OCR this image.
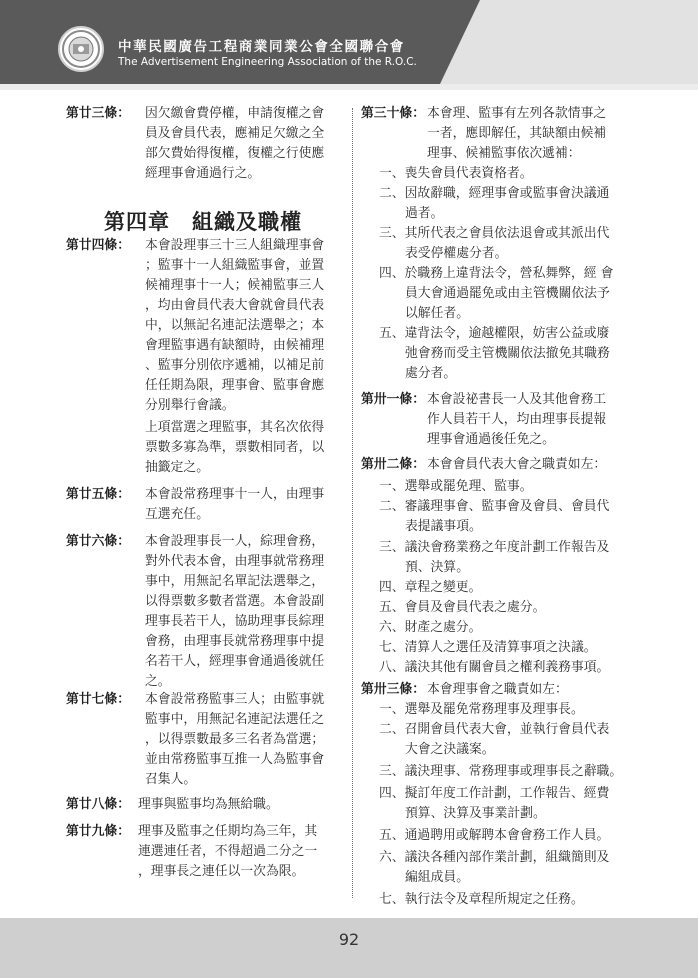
中華民國廣告工程商業同業公會全國聯合會
The Advertisement Engineering Association of the R.O.C.
第廿三條： 因欠繳會費停權，申請復權之會
員及會員代表，應補足欠繳之全
部欠費始得復權，復權之行使應
經理事會通過行之。
第四章　組織及職權
第廿四條： 本會設理事三十三人組織理事會
；監事十一人組織監事會，並置
候補理事十一人；候補監事三人
，均由會員代表大會就會員代表
中，以無記名連記法選舉之；本
會理監事遇有缺額時，由候補理
、監事分別依序遞補，以補足前
任任期為限，理事會、監事會應
分別舉行會議。
上項當選之理監事，其名次依得
票數多寡為準，票數相同者，以
抽籤定之。
第廿五條： 本會設常務理事十一人，由理事
互選充任。
第廿六條： 本會設理事長一人，綜理會務，
對外代表本會，由理事就常務理
事中，用無記名單記法選舉之，
以得票數多數者當選。本會設副
理事長若干人，協助理事長綜理
會務，由理事長就常務理事中提
名若干人，經理事會通過後就任
之。
第廿七條： 本會設常務監事三人；由監事就
監事中，用無記名連記法選任之
，以得票數最多三名者為當選；
並由常務監事互推一人為監事會
召集人。
第廿八條： 理事與監事均為無給職。
第廿九條： 理事及監事之任期均為三年，其
連選連任者，不得超過二分之一
，理事長之連任以一次為限。
第三十條： 本會理、監事有左列各款情事之
一者，應即解任，其缺額由候補
理事、候補監事依次遞補：
一、喪失會員代表資格者。
二、因故辭職，經理事會或監事會決議通
過者。
三、其所代表之會員依法退會或其派出代
表受停權處分者。
四、於職務上違背法令，營私舞弊，經 會
員大會通過罷免或由主管機關依法予
以解任者。
五、違背法令，逾越權限，妨害公益或廢
弛會務而受主管機關依法撤免其職務
處分者。
第卅一條： 本會設祕書長一人及其他會務工
作人員若干人，均由理事長提報
理事會通過後任免之。
第卅二條： 本會會員代表大會之職責如左：
一、選舉或罷免理、監事。
二、審議理事會、監事會及會員、會員代
表提議事項。
三、議決會務業務之年度計劃工作報告及
預、決算。
四、章程之變更。
五、會員及會員代表之處分。
六、財產之處分。
七、清算人之選任及清算事項之決議。
八、議決其他有關會員之權利義務事項。
第卅三條： 本會理事會之職責如左：
一、選舉及罷免常務理事及理事長。
二、召開會員代表大會，並執行會員代表
大會之決議案。
三、議決理事、常務理事或理事長之辭職。
四、擬訂年度工作計劃，工作報告、經費
預算、決算及事業計劃。
五、通過聘用或解聘本會會務工作人員。
六、議決各種內部作業計劃，組織簡則及
編組成員。
七、執行法令及章程所規定之任務。
92
